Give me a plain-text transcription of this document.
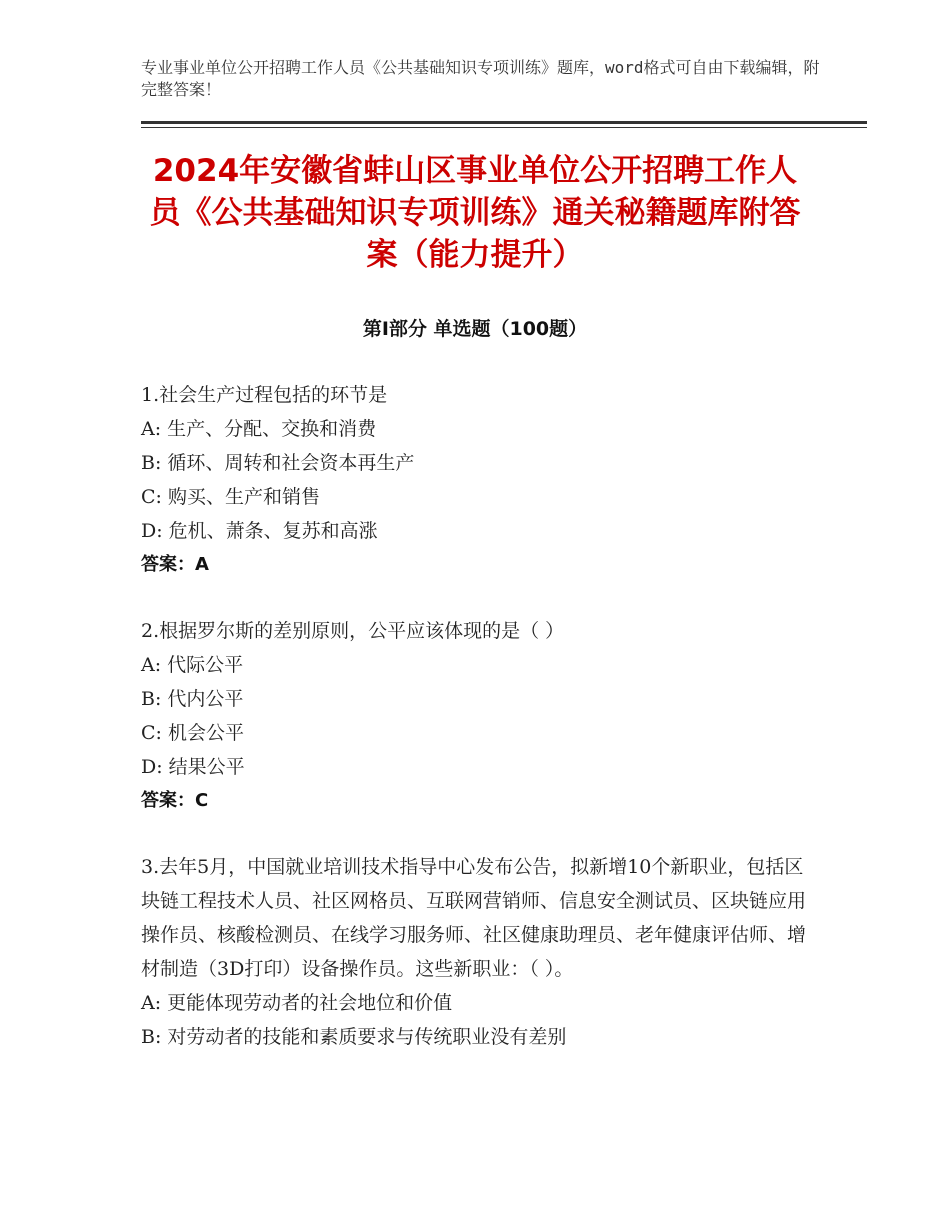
专业事业单位公开招聘工作人员《公共基础知识专项训练》题库，word格式可自由下载编辑，附完整答案！
2024年安徽省蚌山区事业单位公开招聘工作人员《公共基础知识专项训练》通关秘籍题库附答案（能力提升）
第I部分 单选题（100题）
1.社会生产过程包括的环节是
A: 生产、分配、交换和消费
B: 循环、周转和社会资本再生产
C: 购买、生产和销售
D: 危机、萧条、复苏和高涨
答案：A
2.根据罗尔斯的差别原则，公平应该体现的是（ ）
A: 代际公平
B: 代内公平
C: 机会公平
D: 结果公平
答案：C
3.去年5月，中国就业培训技术指导中心发布公告，拟新增10个新职业，包括区块链工程技术人员、社区网格员、互联网营销师、信息安全测试员、区块链应用操作员、核酸检测员、在线学习服务师、社区健康助理员、老年健康评估师、增材制造（3D打印）设备操作员。这些新职业：（ ）。
A: 更能体现劳动者的社会地位和价值
B: 对劳动者的技能和素质要求与传统职业没有差别
